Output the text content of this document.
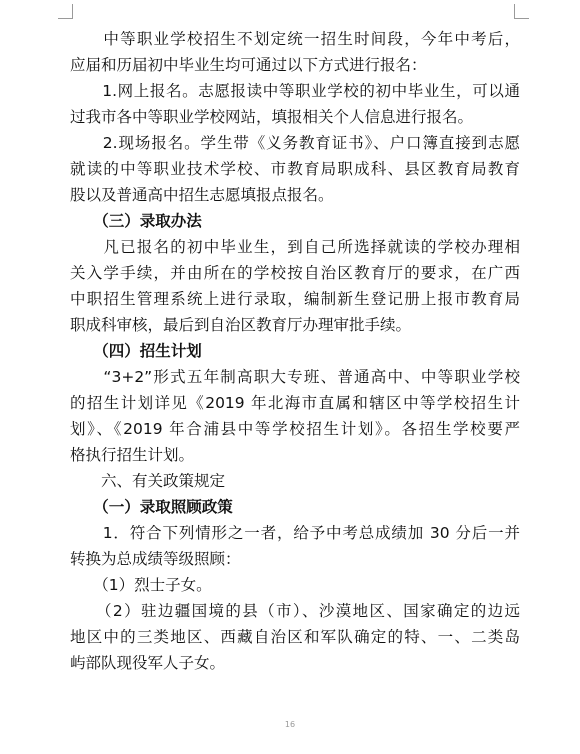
　　中等职业学校招生不划定统一招生时间段，今年中考后，
应届和历届初中毕业生均可通过以下方式进行报名：
　　1.网上报名。志愿报读中等职业学校的初中毕业生，可以通
过我市各中等职业学校网站，填报相关个人信息进行报名。
　　2.现场报名。学生带《义务教育证书》、户口簿直接到志愿
就读的中等职业技术学校、市教育局职成科、县区教育局教育
股以及普通高中招生志愿填报点报名。
　　（三）录取办法
　　凡已报名的初中毕业生，到自己所选择就读的学校办理相
关入学手续，并由所在的学校按自治区教育厅的要求，在广西
中职招生管理系统上进行录取，编制新生登记册上报市教育局
职成科审核，最后到自治区教育厅办理审批手续。
　　（四）招生计划
　　“3+2”形式五年制高职大专班、普通高中、中等职业学校
的招生计划详见《2019 年北海市直属和辖区中等学校招生计
划》、《2019 年合浦县中等学校招生计划》。各招生学校要严
格执行招生计划。
　　六、有关政策规定
　　（一）录取照顾政策
　　1．符合下列情形之一者，给予中考总成绩加 30 分后一并
转换为总成绩等级照顾：
　　（1）烈士子女。
　　（2）驻边疆国境的县（市）、沙漠地区、国家确定的边远
地区中的三类地区、西藏自治区和军队确定的特、一、二类岛
屿部队现役军人子女。
16
